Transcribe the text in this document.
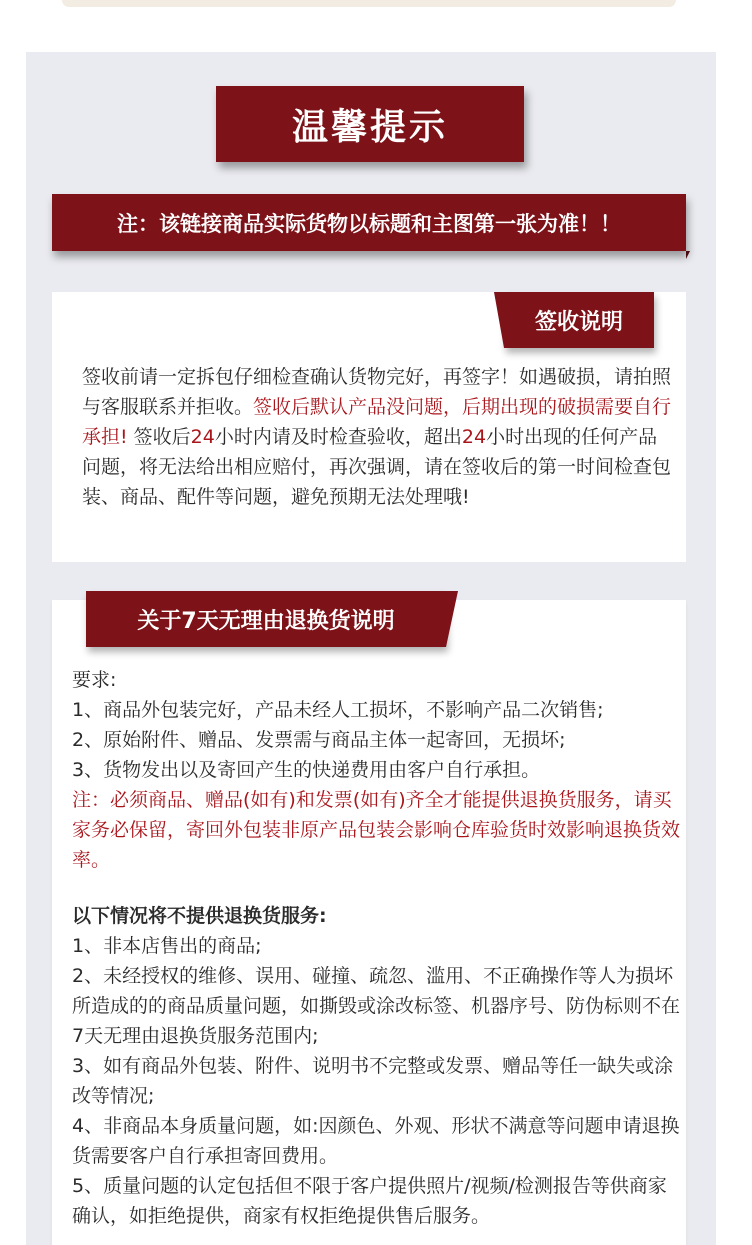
温馨提示
注：该链接商品实际货物以标题和主图第一张为准！！
签收说明

签收前请一定拆包仔细检查确认货物完好，再签字！如遇破损，请拍照与客服联系并拒收。签收后默认产品没问题，后期出现的破损需要自行承担! 签收后24小时内请及时检查验收，超出24小时出现的任何产品问题，将无法给出相应赔付，再次强调，请在签收后的第一时间检查包装、商品、配件等问题，避免预期无法处理哦!

关于7天无理由退换货说明
要求:
1、商品外包装完好，产品未经人工损坏，不影响产品二次销售;
2、原始附件、赠品、发票需与商品主体一起寄回，无损坏;
3、货物发出以及寄回产生的快递费用由客户自行承担。
注：必须商品、赠品(如有)和发票(如有)齐全才能提供退换货服务，请买家务必保留，寄回外包装非原产品包装会影响仓库验货时效影响退换货效率。
以下情况将不提供退换货服务:
1、非本店售出的商品;
2、未经授权的维修、误用、碰撞、疏忽、滥用、不正确操作等人为损坏所造成的的商品质量问题，如撕毁或涂改标签、机器序号、防伪标则不在7天无理由退换货服务范围内;
3、如有商品外包装、附件、说明书不完整或发票、赠品等任一缺失或涂改等情况;
4、非商品本身质量问题，如:因颜色、外观、形状不满意等问题申请退换货需要客户自行承担寄回费用。
5、质量问题的认定包括但不限于客户提供照片/视频/检测报告等供商家确认，如拒绝提供，商家有权拒绝提供售后服务。
